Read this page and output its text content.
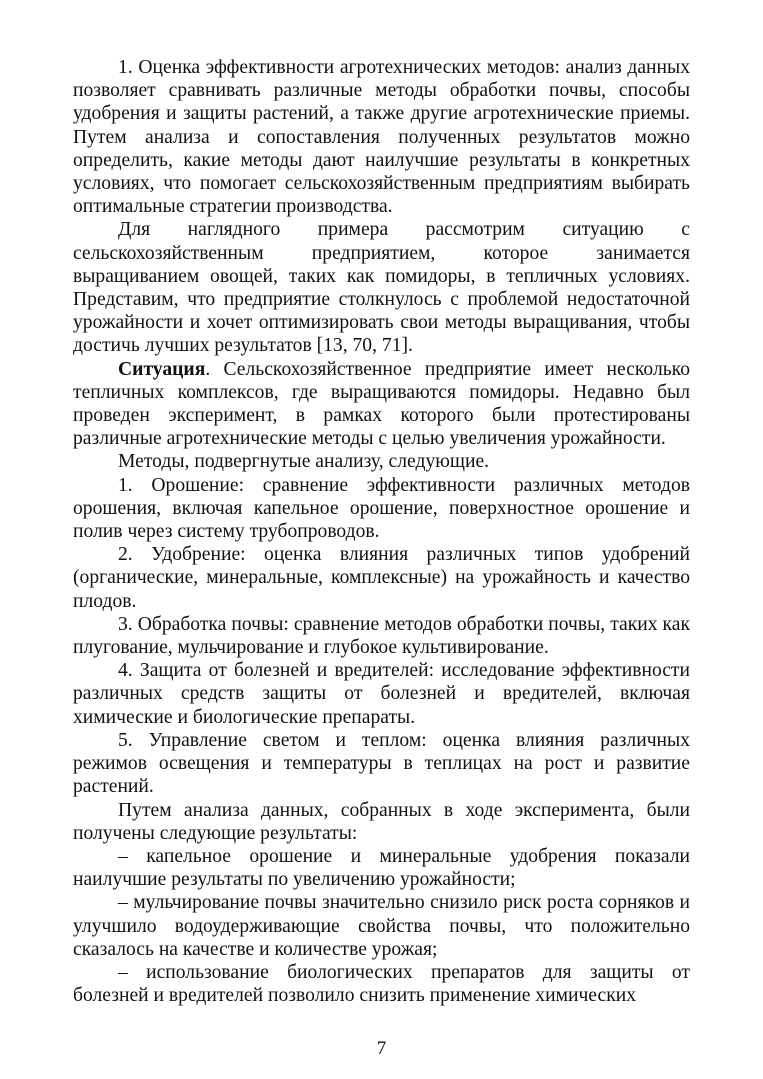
1. Оценка эффективности агротехнических методов: анализ данных позволяет сравнивать различные методы обработки почвы, способы удобрения и защиты растений, а также другие агротехнические приемы. Путем анализа и сопоставления полученных результатов можно определить, какие методы дают наилучшие результаты в конкретных условиях, что помогает сельскохозяйственным предприятиям выбирать оптимальные стратегии производства.

Для наглядного примера рассмотрим ситуацию с сельскохозяйственным предприятием, которое занимается выращиванием овощей, таких как помидоры, в тепличных условиях. Представим, что предприятие столкнулось с проблемой недостаточной урожайности и хочет оптимизировать свои методы выращивания, чтобы достичь лучших результатов [13, 70, 71].

Ситуация. Сельскохозяйственное предприятие имеет несколько тепличных комплексов, где выращиваются помидоры. Недавно был проведен эксперимент, в рамках которого были протестированы различные агротехнические методы с целью увеличения урожайности.

Методы, подвергнутые анализу, следующие.

1. Орошение: сравнение эффективности различных методов орошения, включая капельное орошение, поверхностное орошение и полив через систему трубопроводов.

2. Удобрение: оценка влияния различных типов удобрений (органические, минеральные, комплексные) на урожайность и качество плодов.

3. Обработка почвы: сравнение методов обработки почвы, таких как плугование, мульчирование и глубокое культивирование.

4. Защита от болезней и вредителей: исследование эффективности различных средств защиты от болезней и вредителей, включая химические и биологические препараты.

5. Управление светом и теплом: оценка влияния различных режимов освещения и температуры в теплицах на рост и развитие растений.

Путем анализа данных, собранных в ходе эксперимента, были получены следующие результаты:

– капельное орошение и минеральные удобрения показали наилучшие результаты по увеличению урожайности;

– мульчирование почвы значительно снизило риск роста сорняков и улучшило водоудерживающие свойства почвы, что положительно сказалось на качестве и количестве урожая;

– использование биологических препаратов для защиты от болезней и вредителей позволило снизить применение химических

7
